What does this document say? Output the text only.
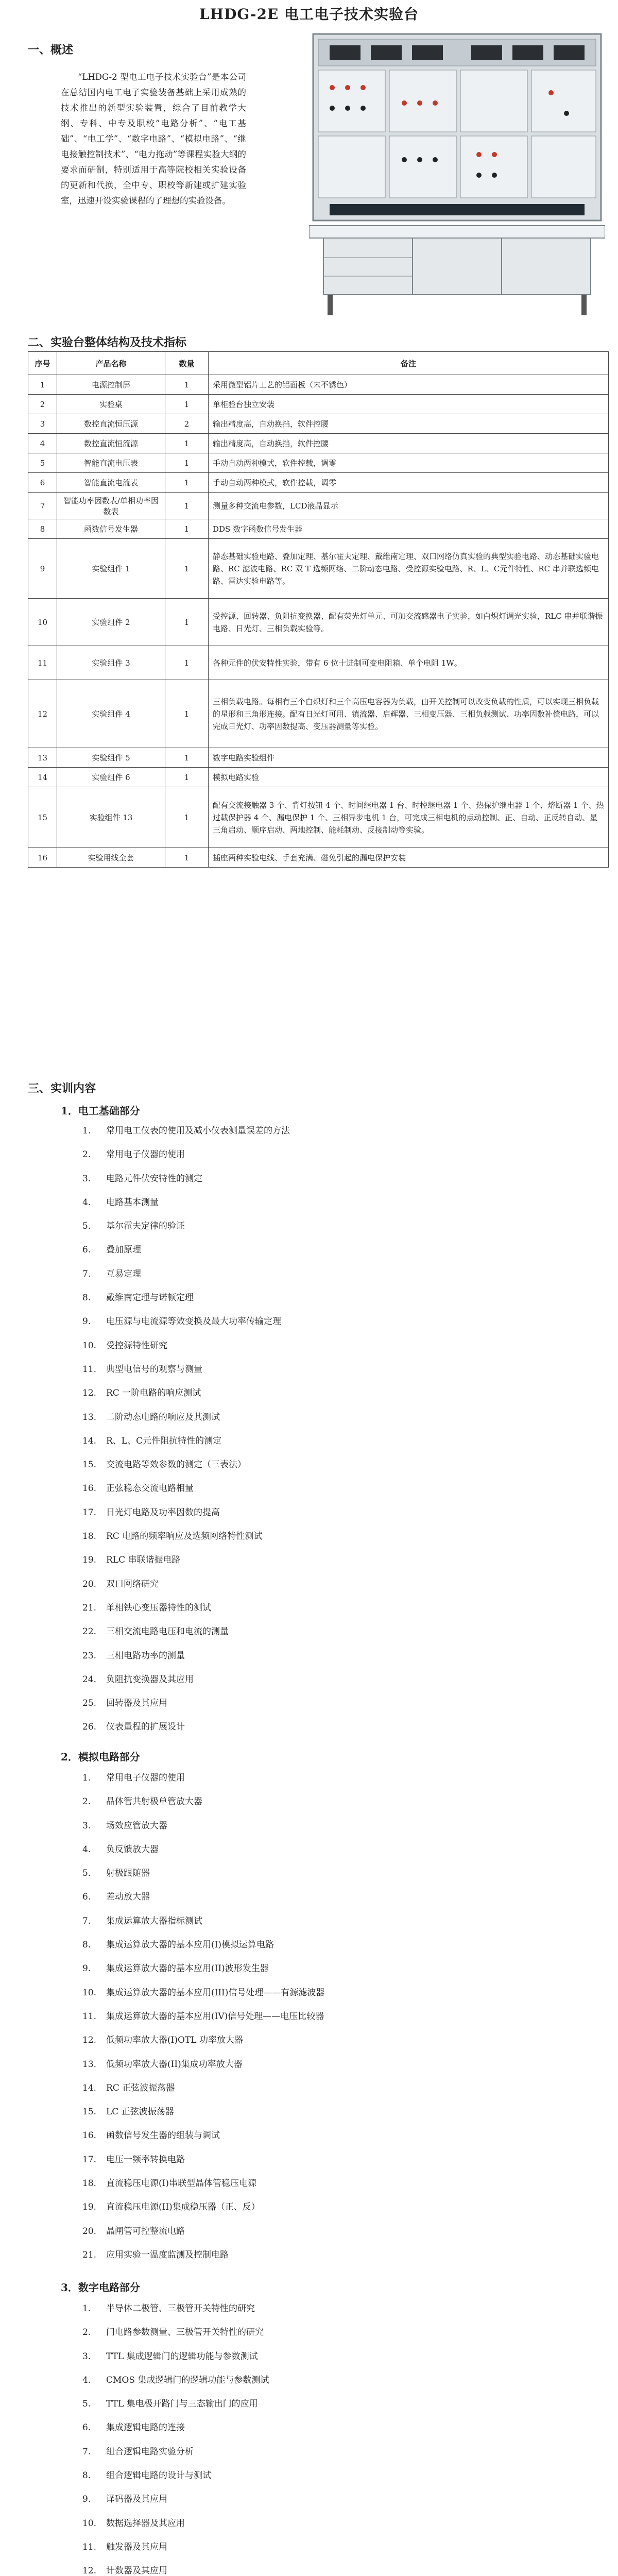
LHDG-2E 电工电子技术实验台
一、概述

“LHDG-2 型电工电子技术实验台”是本公司在总结国内电工电子实验装备基础上采用成熟的技术推出的新型实验装置，综合了目前教学大纲、专科、中专及职校“电路分析”、“电工基础”、“电工学”、“数字电路”、“模拟电路”、“继电接触控制技术”、“电力拖动”等课程实验大纲的要求而研制，特别适用于高等院校相关实验设备的更新和代换，全中专、职校等新建或扩建实验室，迅速开设实验课程的了理想的实验设备。

二、实验台整体结构及技术指标
序号	产品名称	数量	备注
1	电源控制屏	1	采用微型铝片工艺的铝面板（未不锈色）
2	实验桌	1	单柜验台独立安装
3	数控直流恒压源	2	输出精度高，自动换挡，软件控腰
4	数控直流恒流源	1	输出精度高，自动换挡，软件控腰
5	智能直流电压表	1	手动自动两种模式，软件控载，调零
6	智能直流电流表	1	手动自动两种模式，软件控载，调零
7	智能功率因数表/单相功率因数表	1	测量多种交流电参数，LCD液晶显示
8	函数信号发生器	1	DDS 数字函数信号发生器
9	实验组件 1	1	静态基础实验电路、叠加定理、基尔霍夫定理、戴维南定理、双口网络仿真实验的典型实验电路、动态基础实验电路、RC 滤波电路、RC 双 T 选频网络、二阶动态电路、受控源实验电路、R、L、C元件特性、RC 串并联选频电路、雷达实验电路等。
10	实验组件 2	1	受控源、回转器、负阻抗变换器、配有荧光灯单元、可加交流感器电子实验，如白炽灯调光实验，RLC 串并联谐振电路、日光灯、三相负载实验等。
11	实验组件 3	1	各种元件的伏安特性实验，带有 6 位十进制可变电阻箱、单个电阻 1W。
12	实验组件 4	1	三相负载电路。每相有三个白炽灯和三个高压电容器为负载，由开关控制可以改变负载的性质，可以实现三相负载的星形和三角形连接。配有日光灯可用、镇流器、启辉器、三相变压器、三相负载测试、功率因数补偿电路，可以完成日光灯、功率因数提高、变压器测量等实验。
13	实验组件 5	1	数字电路实验组件
14	实验组件 6	1	模拟电路实验
15	实验组件 13	1	配有交流接触器 3 个、背灯按钮 4 个、时间继电器 1 台、时控继电器 1 个、热保护继电器 1 个、熔断器 1 个、热过载保护器 4 个、漏电保护 1 个、三相异步电机 1 台，可完成三相电机的点动控制、正、自动、正反转自动、星三角启动、顺序启动、两地控制、能耗制动、反接制动等实验。
16	实验用线全套	1	插座两种实验电线、手套充满、磁免引起的漏电保护安装
三、实训内容
1．电工基础部分
1. 常用电工仪表的使用及减小仪表测量误差的方法
2. 常用电子仪器的使用
3. 电路元件伏安特性的测定
4. 电路基本测量
5. 基尔霍夫定律的验证
6. 叠加原理
7. 互易定理
8. 戴维南定理与诺顿定理
9. 电压源与电流源等效变换及最大功率传输定理
10. 受控源特性研究
11. 典型电信号的观察与测量
12. RC 一阶电路的响应测试
13. 二阶动态电路的响应及其测试
14. R、L、C元件阻抗特性的测定
15. 交流电路等效参数的测定（三表法）
16. 正弦稳态交流电路相量
17. 日光灯电路及功率因数的提高
18. RC 电路的频率响应及选频网络特性测试
19. RLC 串联谐振电路
20. 双口网络研究
21. 单相铁心变压器特性的测试
22. 三相交流电路电压和电流的测量
23. 三相电路功率的测量
24. 负阻抗变换器及其应用
25. 回转器及其应用
26. 仪表量程的扩展设计
2．模拟电路部分
1. 常用电子仪器的使用
2. 晶体管共射极单管放大器
3. 场效应管放大器
4. 负反馈放大器
5. 射极跟随器
6. 差动放大器
7. 集成运算放大器指标测试
8. 集成运算放大器的基本应用(I)模拟运算电路
9. 集成运算放大器的基本应用(II)波形发生器
10. 集成运算放大器的基本应用(III)信号处理——有源滤波器
11. 集成运算放大器的基本应用(IV)信号处理——电压比较器
12. 低频功率放大器(I)OTL 功率放大器
13. 低频功率放大器(II)集成功率放大器
14. RC 正弦波振荡器
15. LC 正弦波振荡器
16. 函数信号发生器的组装与调试
17. 电压一频率转换电路
18. 直流稳压电源(I)串联型晶体管稳压电源
19. 直流稳压电源(II)集成稳压器（正、反）
20. 晶闸管可控整流电路
21. 应用实验一温度监测及控制电路
3．数字电路部分
1. 半导体二极管、三极管开关特性的研究
2. 门电路参数测量、三极管开关特性的研究
3. TTL 集成逻辑门的逻辑功能与参数测试
4. CMOS 集成逻辑门的逻辑功能与参数测试
5. TTL 集电极开路门与三态输出门的应用
6. 集成逻辑电路的连接
7. 组合逻辑电路实验分析
8. 组合逻辑电路的设计与测试
9. 译码器及其应用
10. 数据选择器及其应用
11. 触发器及其应用
12. 计数器及其应用
